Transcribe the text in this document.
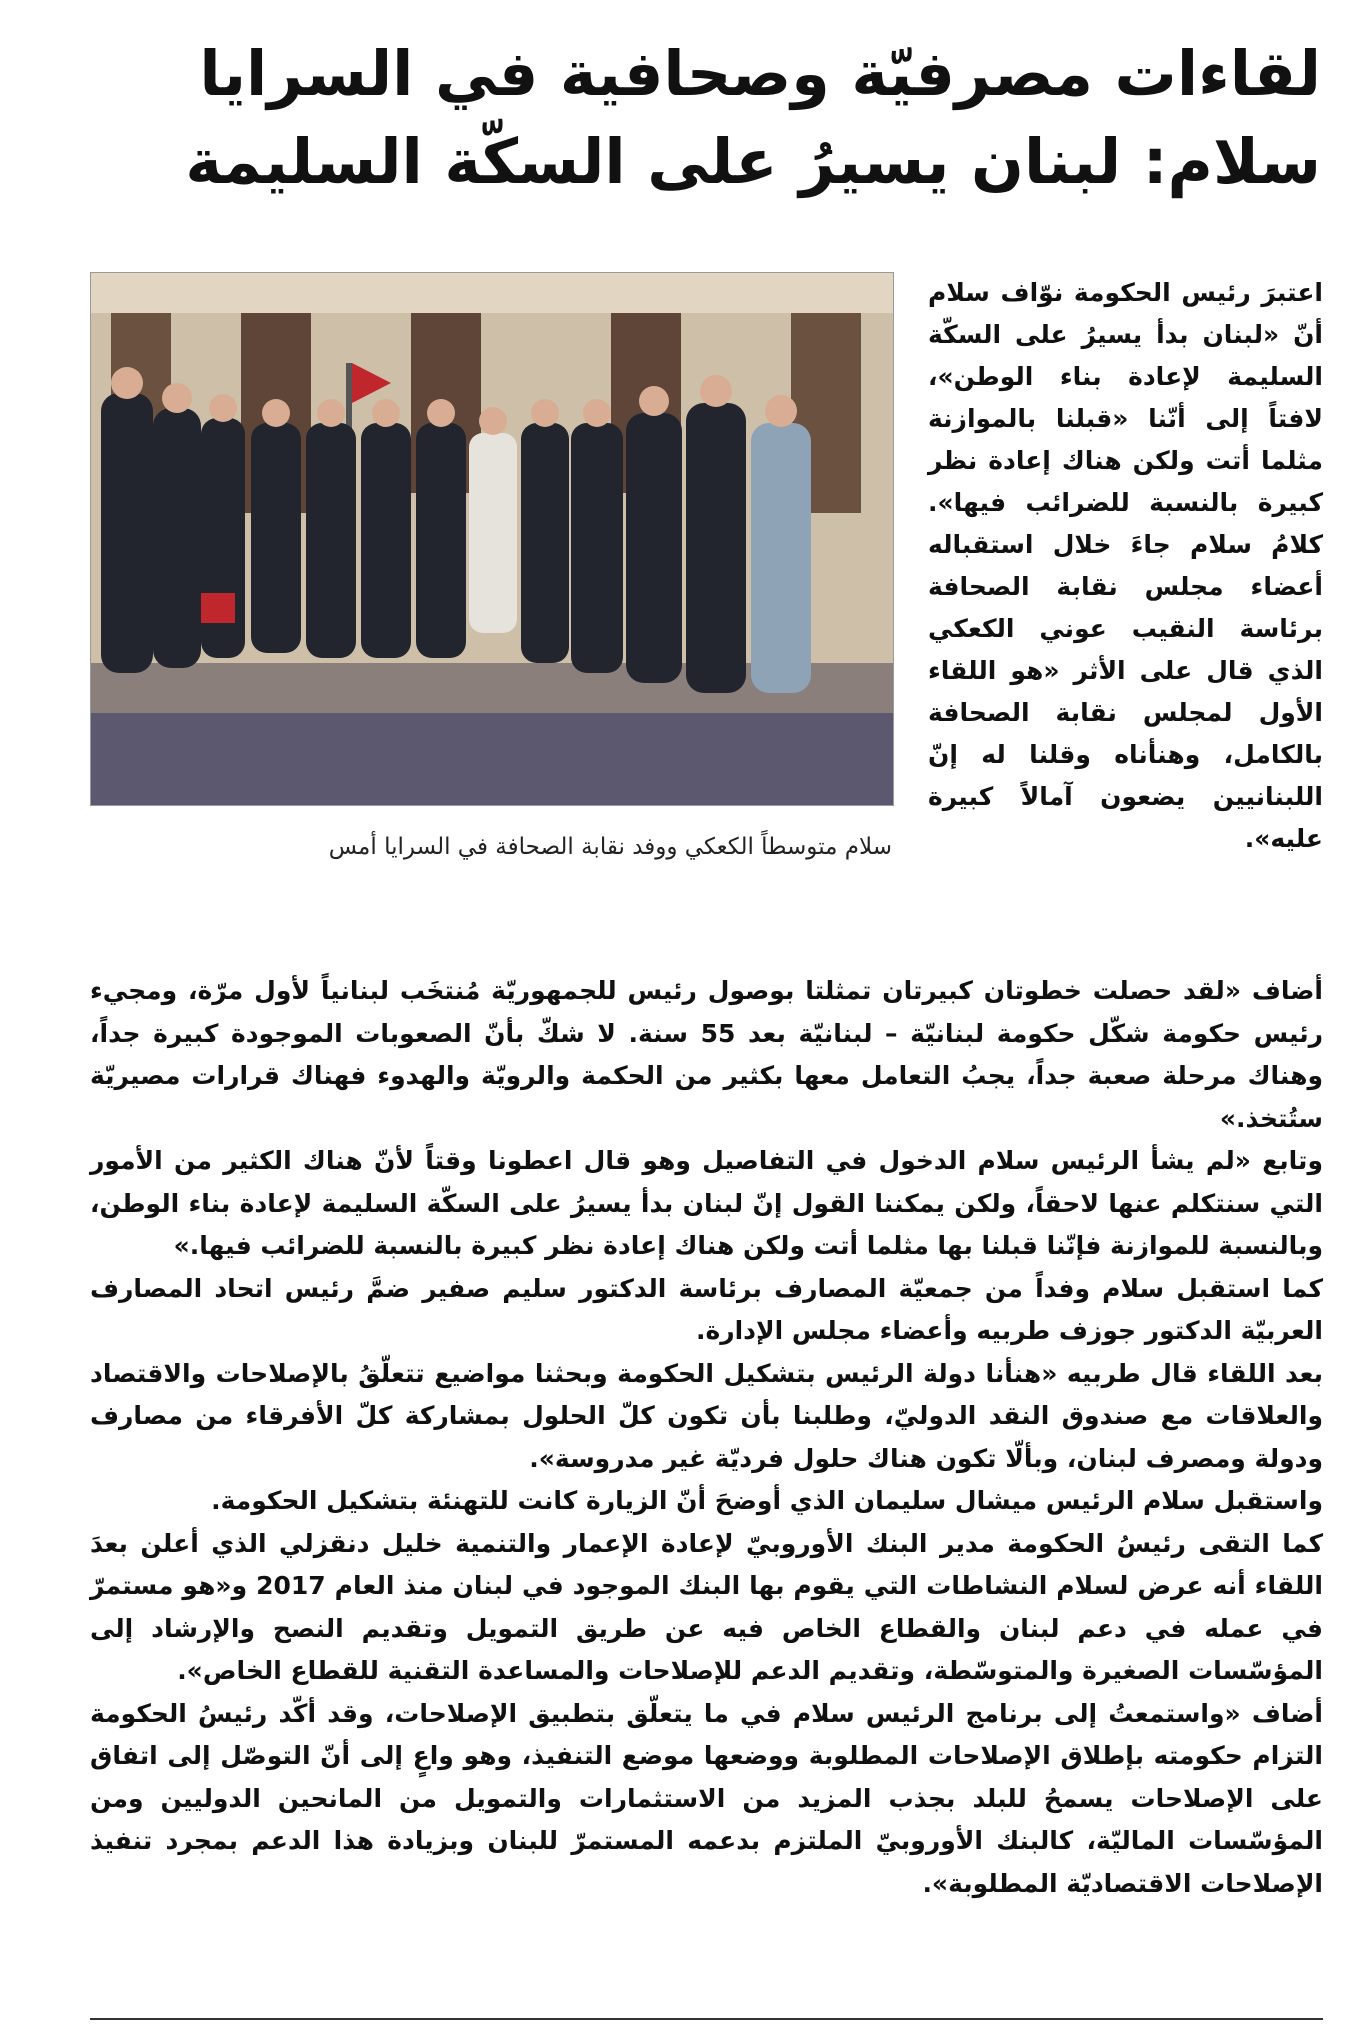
لقاءات مصرفيّة وصحافية في السرايا
سلام: لبنان يسيرُ على السكّة السليمة
سلام متوسطاً الكعكي ووفد نقابة الصحافة في السرايا أمس

اعتبرَ رئيس الحكومة نوّاف سلام أنّ «لبنان بدأ يسيرُ على السكّة السليمة لإعادة بناء الوطن»، لافتاً إلى أنّنا «قبلنا بالموازنة مثلما أتت ولكن هناك إعادة نظر كبيرة بالنسبة للضرائب فيها». كلامُ سلام جاءَ خلال استقباله أعضاء مجلس نقابة الصحافة برئاسة النقيب عوني الكعكي الذي قال على الأثر «هو اللقاء الأول لمجلس نقابة الصحافة بالكامل، وهنأناه وقلنا له إنّ اللبنانيين يضعون آمالاً كبيرة عليه».

أضاف «لقد حصلت خطوتان كبيرتان تمثلتا بوصول رئيس للجمهوريّة مُنتخَب لبنانياً لأول مرّة، ومجيء رئيس حكومة شكّل حكومة لبنانيّة – لبنانيّة بعد 55 سنة. لا شكّ بأنّ الصعوبات الموجودة كبيرة جداً، وهناك مرحلة صعبة جداً، يجبُ التعامل معها بكثير من الحكمة والرويّة والهدوء فهناك قرارات مصيريّة ستُتخذ.»

وتابع «لم يشأ الرئيس سلام الدخول في التفاصيل وهو قال اعطونا وقتاً لأنّ هناك الكثير من الأمور التي سنتكلم عنها لاحقاً، ولكن يمكننا القول إنّ لبنان بدأ يسيرُ على السكّة السليمة لإعادة بناء الوطن، وبالنسبة للموازنة فإنّنا قبلنا بها مثلما أتت ولكن هناك إعادة نظر كبيرة بالنسبة للضرائب فيها.»

كما استقبل سلام وفداً من جمعيّة المصارف برئاسة الدكتور سليم صفير ضمَّ رئيس اتحاد المصارف العربيّة الدكتور جوزف طربيه وأعضاء مجلس الإدارة.

بعد اللقاء قال طربيه «هنأنا دولة الرئيس بتشكيل الحكومة وبحثنا مواضيع تتعلّقُ بالإصلاحات والاقتصاد والعلاقات مع صندوق النقد الدوليّ، وطلبنا بأن تكون كلّ الحلول بمشاركة كلّ الأفرقاء من مصارف ودولة ومصرف لبنان، وبألّا تكون هناك حلول فرديّة غير مدروسة».

واستقبل سلام الرئيس ميشال سليمان الذي أوضحَ أنّ الزيارة كانت للتهنئة بتشكيل الحكومة.

كما التقى رئيسُ الحكومة مدير البنك الأوروبيّ لإعادة الإعمار والتنمية خليل دنقزلي الذي أعلن بعدَ اللقاء أنه عرض لسلام النشاطات التي يقوم بها البنك الموجود في لبنان منذ العام 2017 و«هو مستمرّ في عمله في دعم لبنان والقطاع الخاص فيه عن طريق التمويل وتقديم النصح والإرشاد إلى المؤسّسات الصغيرة والمتوسّطة، وتقديم الدعم للإصلاحات والمساعدة التقنية للقطاع الخاص».

أضاف «واستمعتُ إلى برنامج الرئيس سلام في ما يتعلّق بتطبيق الإصلاحات، وقد أكّد رئيسُ الحكومة التزام حكومته بإطلاق الإصلاحات المطلوبة ووضعها موضع التنفيذ، وهو واعٍ إلى أنّ التوصّل إلى اتفاق على الإصلاحات يسمحُ للبلد بجذب المزيد من الاستثمارات والتمويل من المانحين الدوليين ومن المؤسّسات الماليّة، كالبنك الأوروبيّ الملتزم بدعمه المستمرّ للبنان وبزيادة هذا الدعم بمجرد تنفيذ الإصلاحات الاقتصاديّة المطلوبة».
